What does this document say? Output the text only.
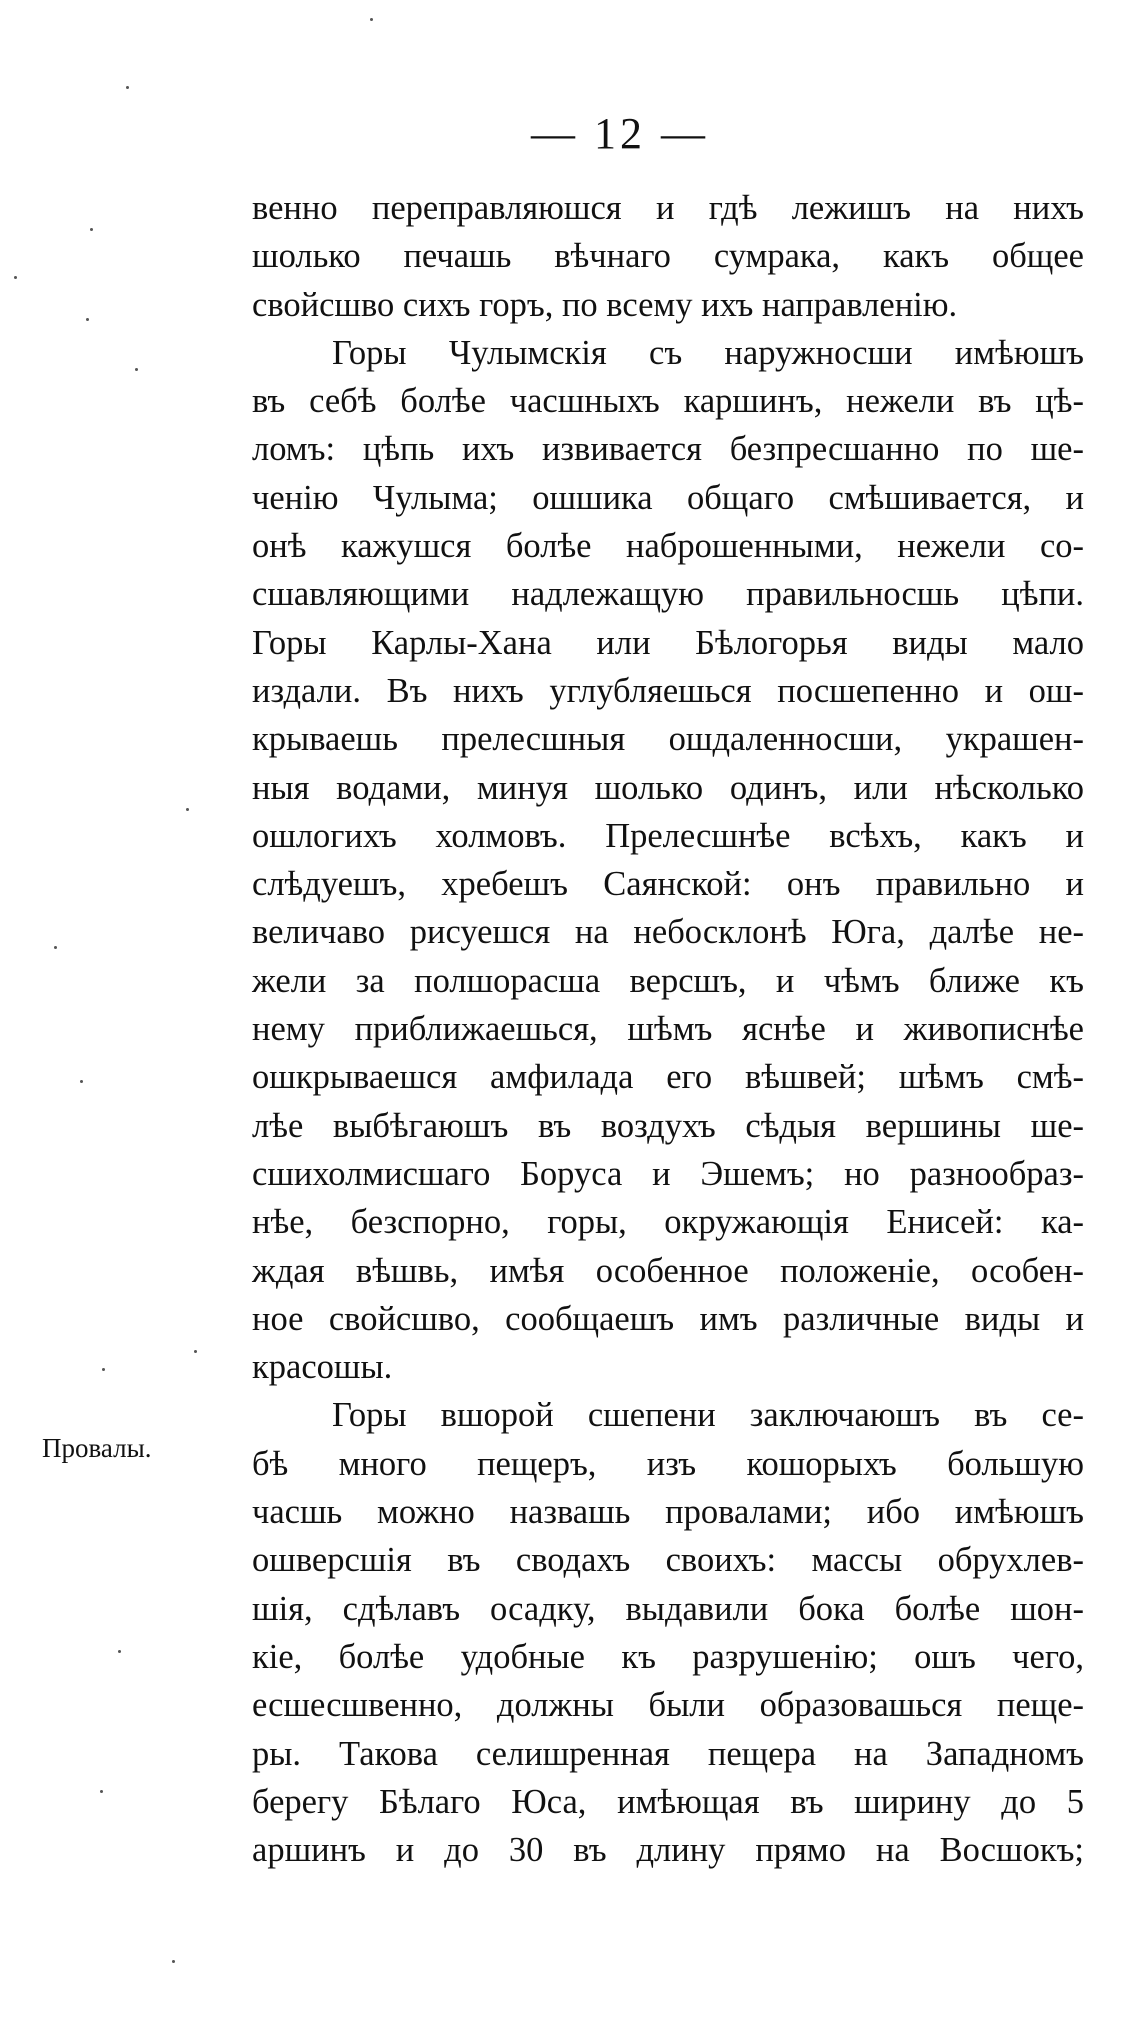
— 12 —
Провалы.
венно переправляюшся и гдѣ лежишъ на нихъ
шолько печашь вѣчнаго сумрака, какъ общее
свойсшво сихъ горъ, по всему ихъ направленію.
Горы Чулымскія съ наружносши имѣюшъ
въ себѣ болѣе часшныхъ каршинъ, нежели въ цѣ-
ломъ: цѣпь ихъ извивается безпресшанно по ше-
ченію Чулыма; ошшика общаго смѣшивается, и
онѣ кажушся болѣе наброшенными, нежели со-
сшавляющими надлежащую правильносшь цѣпи.
Горы Карлы-Хана или Бѣлогорья виды мало
издали. Въ нихъ углубляешься посшепенно и ош-
крываешь прелесшныя ошдаленносши, украшен-
ныя водами, минуя шолько одинъ, или нѣсколько
ошлогихъ холмовъ. Прелесшнѣе всѣхъ, какъ и
слѣдуешъ, хребешъ Саянской: онъ правильно и
величаво рисуешся на небосклонѣ Юга, далѣе не-
жели за полшорасша версшъ, и чѣмъ ближе къ
нему приближаешься, шѣмъ яснѣе и живописнѣе
ошкрываешся амфилада его вѣшвей; шѣмъ смѣ-
лѣе выбѣгаюшъ въ воздухъ сѣдыя вершины ше-
сшихолмисшаго Боруса и Эшемъ; но разнообраз-
нѣе, безспорно, горы, окружающія Енисей: ка-
ждая вѣшвь, имѣя особенное положеніе, особен-
ное свойсшво, сообщаешъ имъ различные виды и
красошы.
Горы вшорой сшепени заключаюшъ въ се-
бѣ много пещеръ, изъ кошорыхъ большую
часшь можно назвашь провалами; ибо имѣюшъ
ошверсшія въ сводахъ своихъ: массы обрухлев-
шія, сдѣлавъ осадку, выдавили бока болѣе шон-
кіе, болѣе удобные къ разрушенію; ошъ чего,
есшесшвенно, должны были образовашься пеще-
ры. Такова селишренная пещера на Западномъ
берегу Бѣлаго Юса, имѣющая въ ширину до 5
аршинъ и до 30 въ длину прямо на Восшокъ;
